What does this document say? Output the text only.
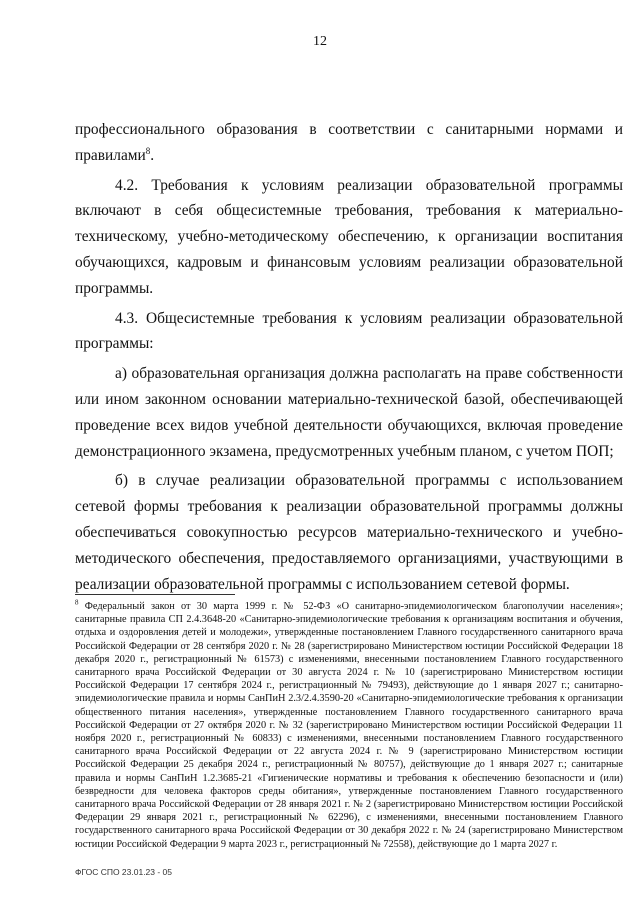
12

профессионального образования в соответствии с санитарными нормами и правилами$^8$.

4.2. Требования к условиям реализации образовательной программы включают в себя общесистемные требования, требования к материально-техническому, учебно-методическому обеспечению, к организации воспитания обучающихся, кадровым и финансовым условиям реализации образовательной программы.

4.3. Общесистемные требования к условиям реализации образовательной программы:

а) образовательная организация должна располагать на праве собственности или ином законном основании материально-технической базой, обеспечивающей проведение всех видов учебной деятельности обучающихся, включая проведение демонстрационного экзамена, предусмотренных учебным планом, с учетом ПОП;

б) в случае реализации образовательной программы с использованием сетевой формы требования к реализации образовательной программы должны обеспечиваться совокупностью ресурсов материально-технического и учебно-методического обеспечения, предоставляемого организациями, участвующими в реализации образовательной программы с использованием сетевой формы.

$^8$ Федеральный закон от 30 марта 1999 г. № 52-ФЗ «О санитарно-эпидемиологическом благополучии населения»; санитарные правила СП 2.4.3648-20 «Санитарно-эпидемиологические требования к организациям воспитания и обучения, отдыха и оздоровления детей и молодежи», утвержденные постановлением Главного государственного санитарного врача Российской Федерации от 28 сентября 2020 г. № 28 (зарегистрировано Министерством юстиции Российской Федерации 18 декабря 2020 г., регистрационный № 61573) с изменениями, внесенными постановлением Главного государственного санитарного врача Российской Федерации от 30 августа 2024 г. № 10 (зарегистрировано Министерством юстиции Российской Федерации 17 сентября 2024 г., регистрационный № 79493), действующие до 1 января 2027 г.; санитарно-эпидемиологические правила и нормы СанПиН 2.3/2.4.3590-20 «Санитарно-эпидемиологические требования к организации общественного питания населения», утвержденные постановлением Главного государственного санитарного врача Российской Федерации от 27 октября 2020 г. № 32 (зарегистрировано Министерством юстиции Российской Федерации 11 ноября 2020 г., регистрационный № 60833) с изменениями, внесенными постановлением Главного государственного санитарного врача Российской Федерации от 22 августа 2024 г. № 9 (зарегистрировано Министерством юстиции Российской Федерации 25 декабря 2024 г., регистрационный № 80757), действующие до 1 января 2027 г.; санитарные правила и нормы СанПиН 1.2.3685-21 «Гигиенические нормативы и требования к обеспечению безопасности и (или) безвредности для человека факторов среды обитания», утвержденные постановлением Главного государственного санитарного врача Российской Федерации от 28 января 2021 г. № 2 (зарегистрировано Министерством юстиции Российской Федерации 29 января 2021 г., регистрационный № 62296), с изменениями, внесенными постановлением Главного государственного санитарного врача Российской Федерации от 30 декабря 2022 г. № 24 (зарегистрировано Министерством юстиции Российской Федерации 9 марта 2023 г., регистрационный № 72558), действующие до 1 марта 2027 г.
ФГОС СПО 23.01.23 - 05
